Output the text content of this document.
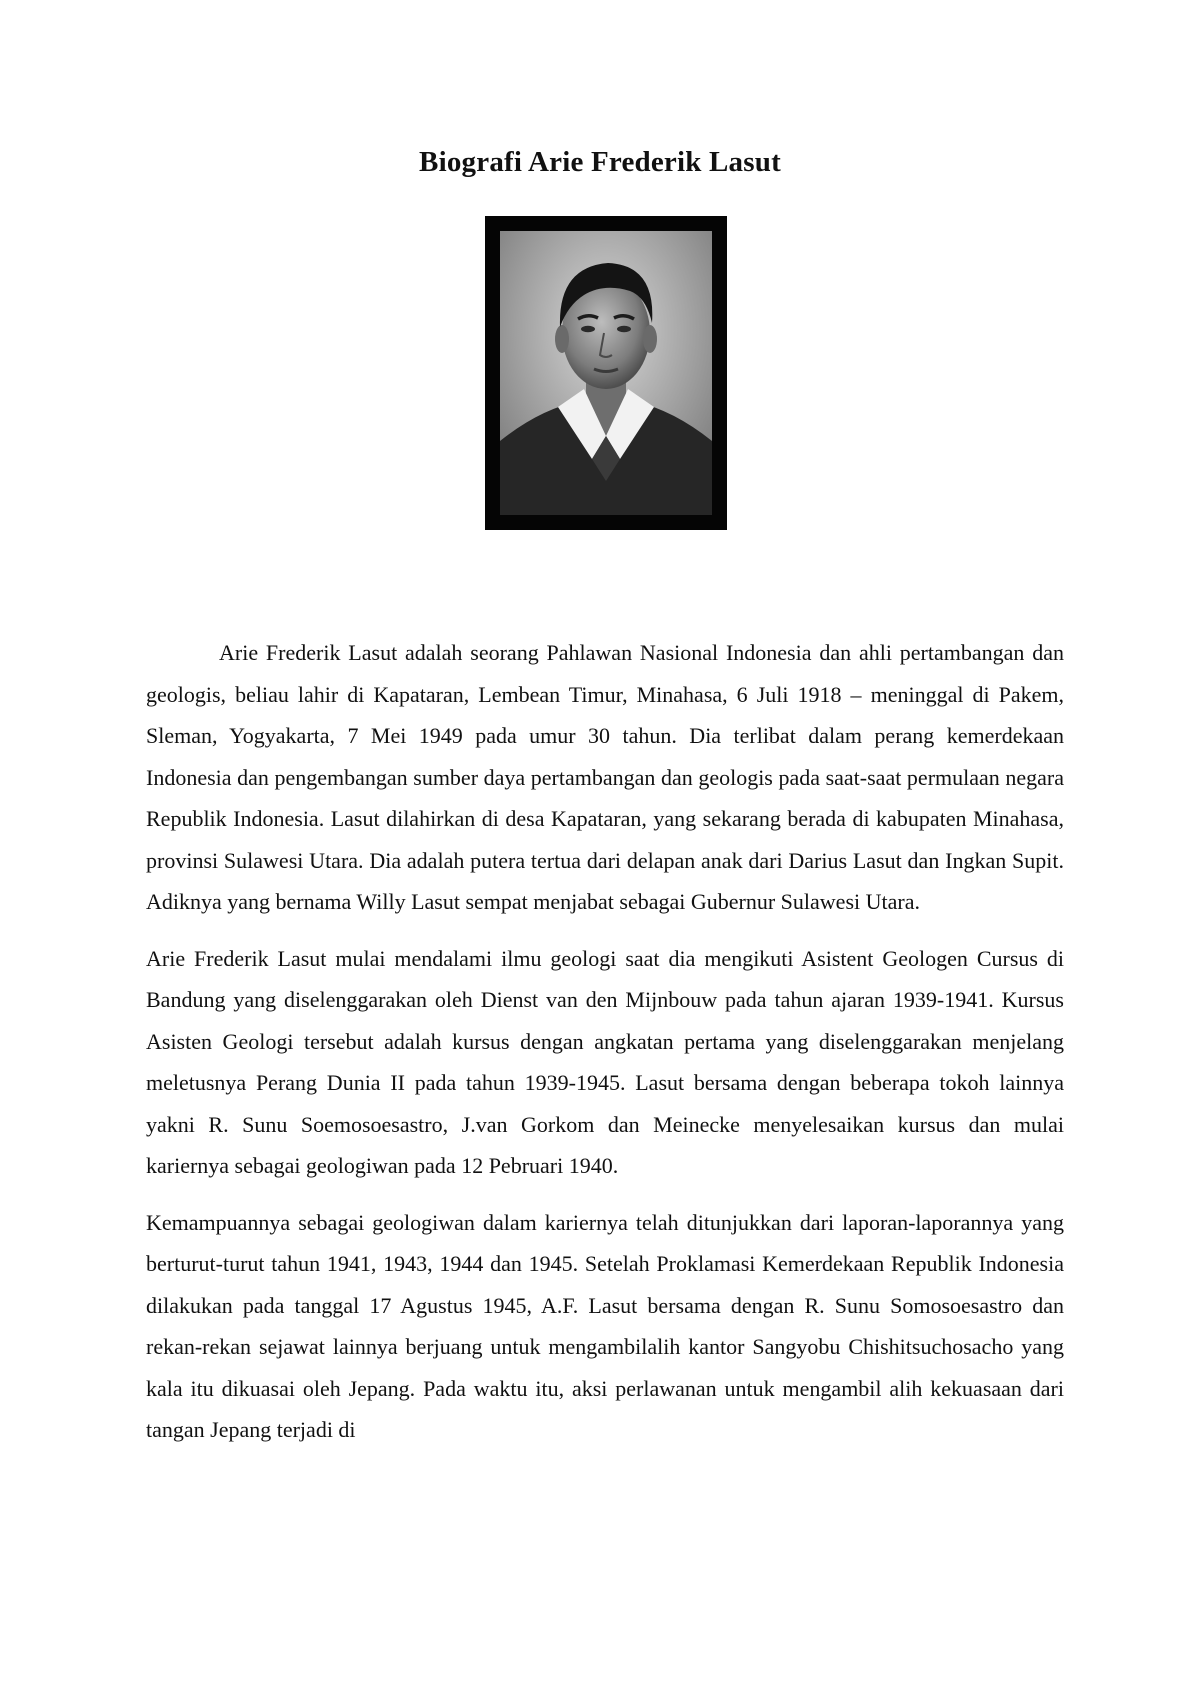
Biografi Arie Frederik Lasut

Arie Frederik Lasut adalah seorang Pahlawan Nasional Indonesia dan ahli pertambangan dan geologis, beliau lahir di Kapataran, Lembean Timur, Minahasa, 6 Juli 1918 – meninggal di Pakem, Sleman, Yogyakarta, 7 Mei 1949 pada umur 30 tahun. Dia terlibat dalam perang kemerdekaan Indonesia dan pengembangan sumber daya pertambangan dan geologis pada saat-saat permulaan negara Republik Indonesia. Lasut dilahirkan di desa Kapataran, yang sekarang berada di kabupaten Minahasa, provinsi Sulawesi Utara. Dia adalah putera tertua dari delapan anak dari Darius Lasut dan Ingkan Supit. Adiknya yang bernama Willy Lasut sempat menjabat sebagai Gubernur Sulawesi Utara.

Arie Frederik Lasut mulai mendalami ilmu geologi saat dia mengikuti Asistent Geologen Cursus di Bandung yang diselenggarakan oleh Dienst van den Mijnbouw pada tahun ajaran 1939-1941. Kursus Asisten Geologi tersebut adalah kursus dengan angkatan pertama yang diselenggarakan menjelang meletusnya Perang Dunia II pada tahun 1939-1945. Lasut bersama dengan beberapa tokoh lainnya yakni R. Sunu Soemosoesastro, J.van Gorkom dan Meinecke menyelesaikan kursus dan mulai kariernya sebagai geologiwan pada 12 Pebruari 1940.

Kemampuannya sebagai geologiwan dalam kariernya telah ditunjukkan dari laporan-laporannya yang berturut-turut tahun 1941, 1943, 1944 dan 1945. Setelah Proklamasi Kemerdekaan Republik Indonesia dilakukan pada tanggal 17 Agustus 1945, A.F. Lasut bersama dengan R. Sunu Somosoesastro dan rekan-rekan sejawat lainnya berjuang untuk mengambilalih kantor Sangyobu Chishitsuchosacho yang kala itu dikuasai oleh Jepang. Pada waktu itu, aksi perlawanan untuk mengambil alih kekuasaan dari tangan Jepang terjadi di
